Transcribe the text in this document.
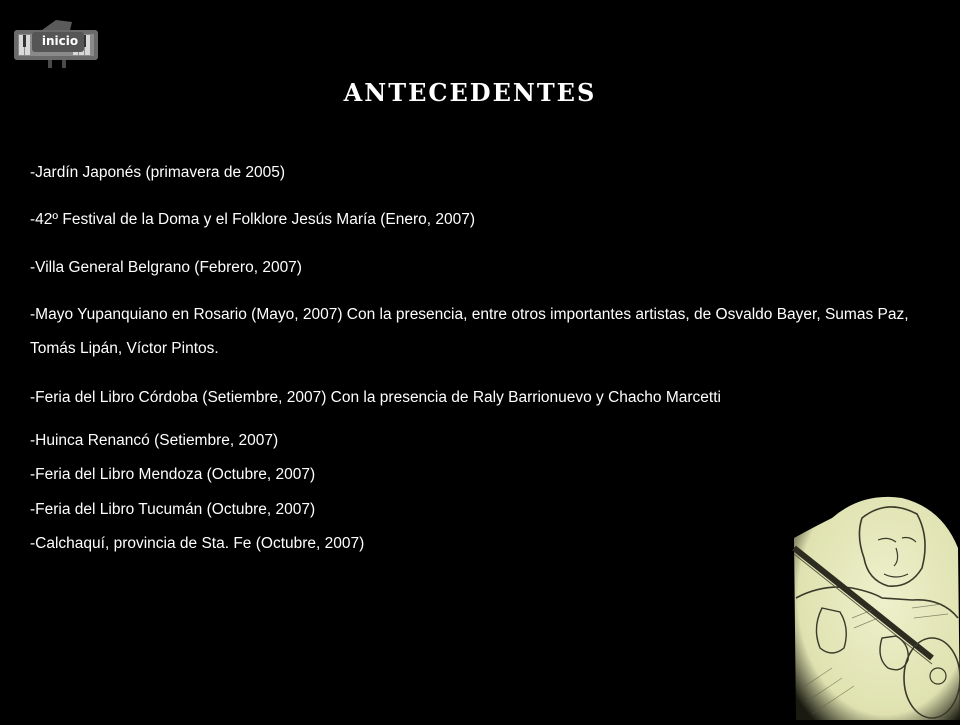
inicio
antecedentes
-Jardín Japonés (primavera de 2005)
-42º Festival de la Doma y el Folklore Jesús María (Enero, 2007)
-Villa General Belgrano (Febrero, 2007)
-Mayo Yupanquiano en Rosario (Mayo, 2007) Con la presencia, entre otros importantes artistas, de Osvaldo Bayer, Sumas Paz, Tomás Lipán, Víctor Pintos.
-Feria del Libro Córdoba (Setiembre, 2007) Con la presencia de Raly Barrionuevo y Chacho Marcetti
-Huinca Renancó (Setiembre, 2007)
-Feria del Libro Mendoza (Octubre, 2007)
-Feria del Libro Tucumán (Octubre, 2007)
-Calchaquí, provincia de Sta. Fe (Octubre, 2007)
